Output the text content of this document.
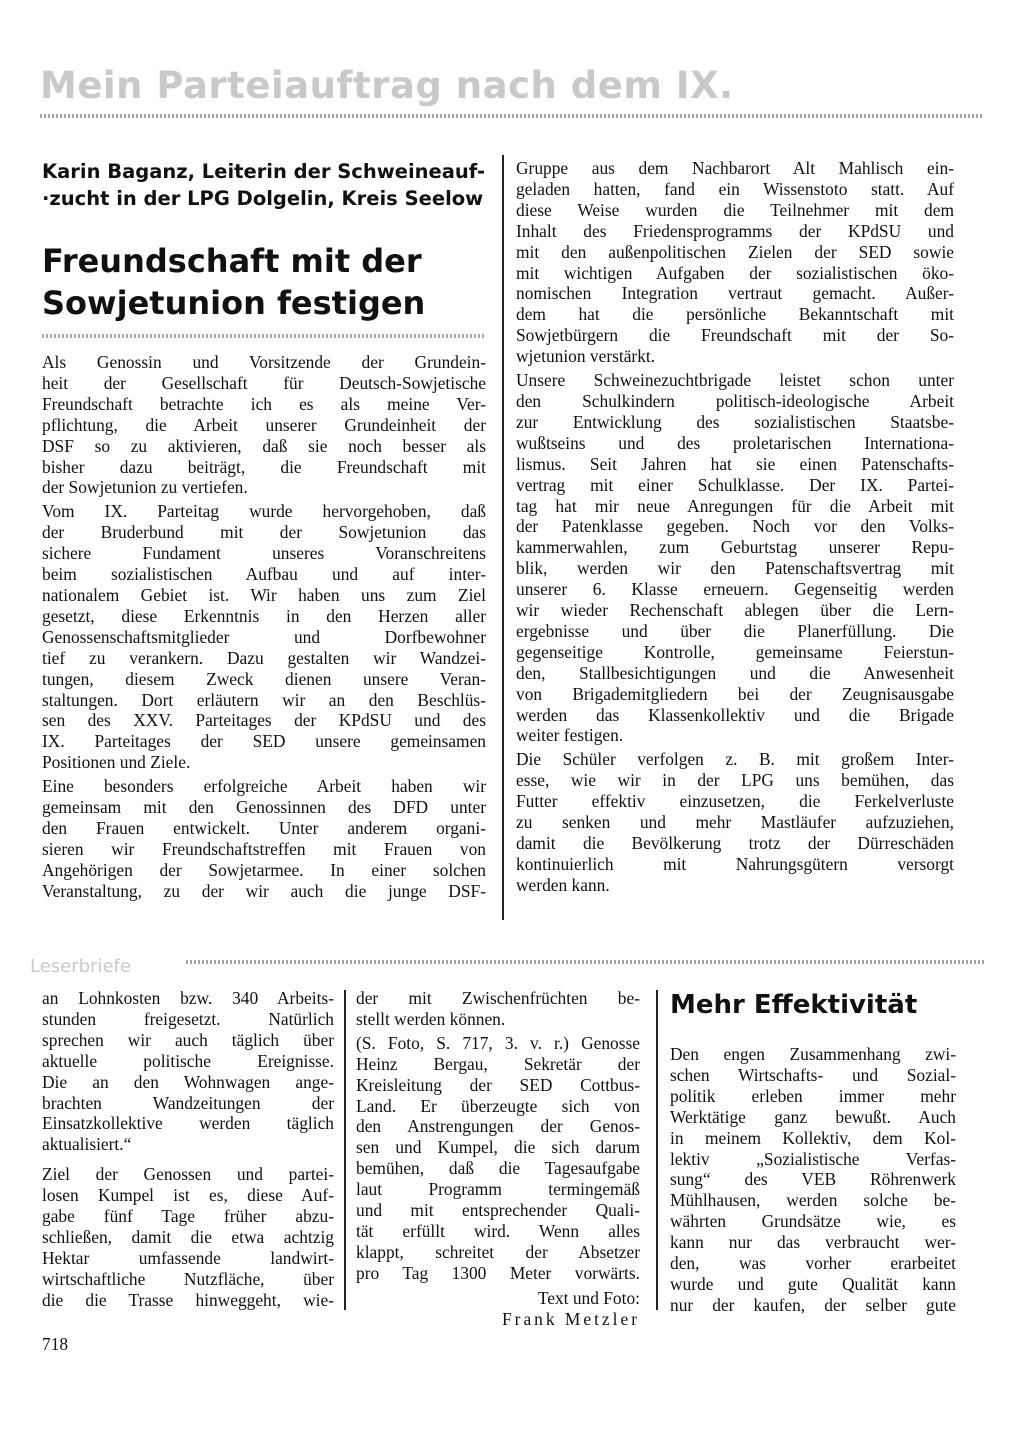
Mein Parteiauftrag nach dem IX.

Karin Baganz, Leiterin der Schweineauf-

·zucht in der LPG Dolgelin, Kreis Seelow

Freundschaft mit der

Sowjetunion festigen

Als Genossin und Vorsitzende der Grundein-
heit der Gesellschaft für Deutsch-Sowjetische
Freundschaft betrachte ich es als meine Ver-
pflichtung, die Arbeit unserer Grundeinheit der
DSF so zu aktivieren, daß sie noch besser als
bisher dazu beiträgt, die Freundschaft mit
der Sowjetunion zu vertiefen.
Vom IX. Parteitag wurde hervorgehoben, daß
der Bruderbund mit der Sowjetunion das
sichere Fundament unseres Voranschreitens
beim sozialistischen Aufbau und auf inter-
nationalem Gebiet ist. Wir haben uns zum Ziel
gesetzt, diese Erkenntnis in den Herzen aller
Genossenschaftsmitglieder und Dorfbewohner
tief zu verankern. Dazu gestalten wir Wandzei-
tungen, diesem Zweck dienen unsere Veran-
staltungen. Dort erläutern wir an den Beschlüs-
sen des XXV. Parteitages der KPdSU und des
IX. Parteitages der SED unsere gemeinsamen
Positionen und Ziele.
Eine besonders erfolgreiche Arbeit haben wir
gemeinsam mit den Genossinnen des DFD unter
den Frauen entwickelt. Unter anderem organi-
sieren wir Freundschaftstreffen mit Frauen von
Angehörigen der Sowjetarmee. In einer solchen
Veranstaltung, zu der wir auch die junge DSF-
Gruppe aus dem Nachbarort Alt Mahlisch ein-
geladen hatten, fand ein Wissenstoto statt. Auf
diese Weise wurden die Teilnehmer mit dem
Inhalt des Friedensprogramms der KPdSU und
mit den außenpolitischen Zielen der SED sowie
mit wichtigen Aufgaben der sozialistischen öko-
nomischen Integration vertraut gemacht. Außer-
dem hat die persönliche Bekanntschaft mit
Sowjetbürgern die Freundschaft mit der So-
wjetunion verstärkt.
Unsere Schweinezuchtbrigade leistet schon unter
den Schulkindern politisch-ideologische Arbeit
zur Entwicklung des sozialistischen Staatsbe-
wußtseins und des proletarischen Internationa-
lismus. Seit Jahren hat sie einen Patenschafts-
vertrag mit einer Schulklasse. Der IX. Partei-
tag hat mir neue Anregungen für die Arbeit mit
der Patenklasse gegeben. Noch vor den Volks-
kammerwahlen, zum Geburtstag unserer Repu-
blik, werden wir den Patenschaftsvertrag mit
unserer 6. Klasse erneuern. Gegenseitig werden
wir wieder Rechenschaft ablegen über die Lern-
ergebnisse und über die Planerfüllung. Die
gegenseitige Kontrolle, gemeinsame Feierstun-
den, Stallbesichtigungen und die Anwesenheit
von Brigademitgliedern bei der Zeugnisausgabe
werden das Klassenkollektiv und die Brigade
weiter festigen.
Die Schüler verfolgen z. B. mit großem Inter-
esse, wie wir in der LPG uns bemühen, das
Futter effektiv einzusetzen, die Ferkelverluste
zu senken und mehr Mastläufer aufzuziehen,
damit die Bevölkerung trotz der Dürreschäden
kontinuierlich mit Nahrungsgütern versorgt
werden kann.
Leserbriefe
an Lohnkosten bzw. 340 Arbeits-
stunden freigesetzt. Natürlich
sprechen wir auch täglich über
aktuelle politische Ereignisse.
Die an den Wohnwagen ange-
brachten Wandzeitungen der
Einsatzkollektive werden täglich
aktualisiert.“
Ziel der Genossen und partei-
losen Kumpel ist es, diese Auf-
gabe fünf Tage früher abzu-
schließen, damit die etwa achtzig
Hektar umfassende landwirt-
wirtschaftliche Nutzfläche, über
die die Trasse hinweggeht, wie-
der mit Zwischenfrüchten be-
stellt werden können.
(S. Foto, S. 717, 3. v. r.) Genosse
Heinz Bergau, Sekretär der
Kreisleitung der SED Cottbus-
Land. Er überzeugte sich von
den Anstrengungen der Genos-
sen und Kumpel, die sich darum
bemühen, daß die Tagesaufgabe
laut Programm termingemäß
und mit entsprechender Quali-
tät erfüllt wird. Wenn alles
klappt, schreitet der Absetzer
pro Tag 1300 Meter vorwärts.
Text und Foto:
Frank Metzler
Mehr Effektivität
Den engen Zusammenhang zwi-
schen Wirtschafts- und Sozial-
politik erleben immer mehr
Werktätige ganz bewußt. Auch
in meinem Kollektiv, dem Kol-
lektiv „Sozialistische Verfas-
sung“ des VEB Röhrenwerk
Mühlhausen, werden solche be-
währten Grundsätze wie, es
kann nur das verbraucht wer-
den, was vorher erarbeitet
wurde und gute Qualität kann
nur der kaufen, der selber gute
718
